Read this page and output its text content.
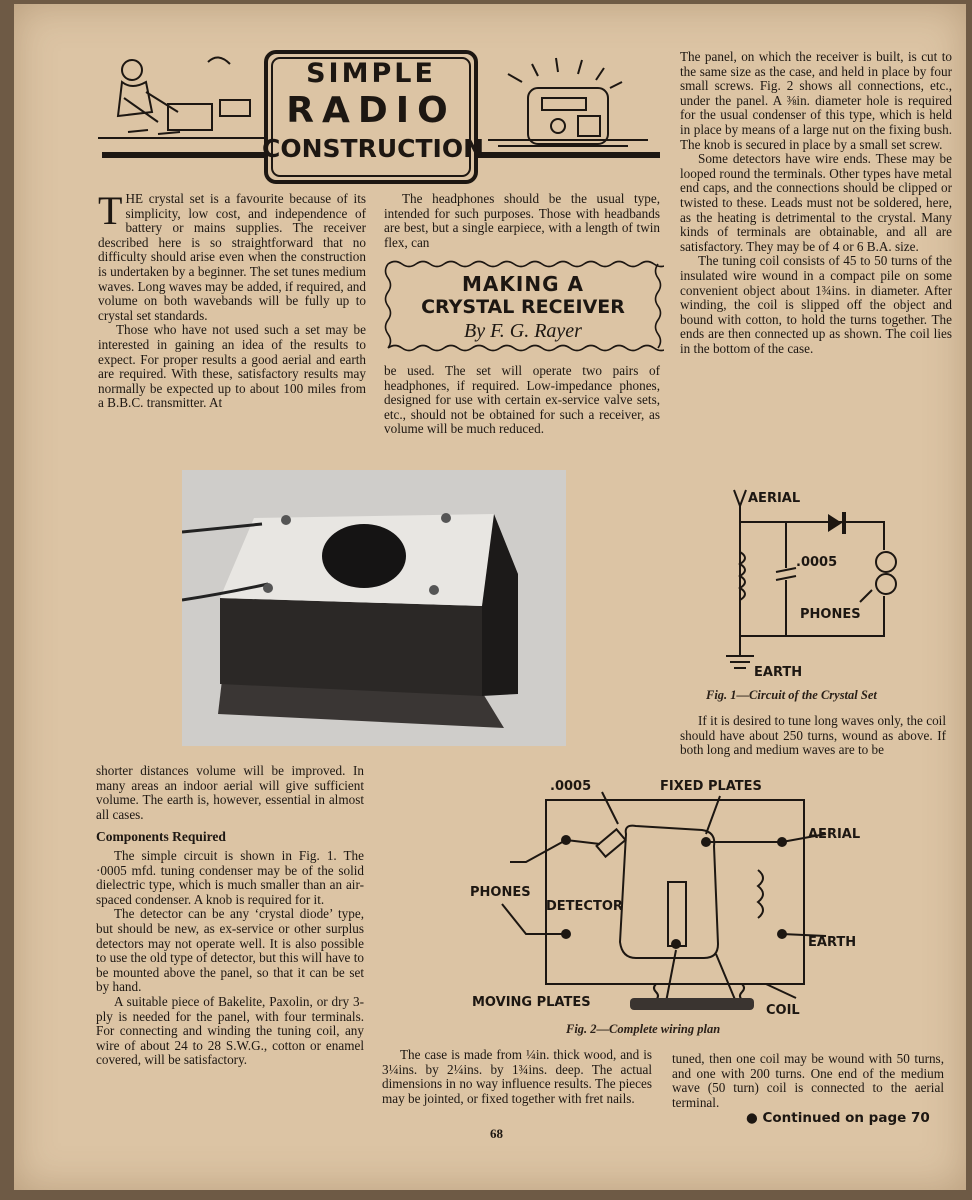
SIMPLE
RADIO
CONSTRUCTION

THE crystal set is a favourite because of its simplicity, low cost, and independence of battery or mains supplies. The receiver described here is so straightforward that no difficulty should arise even when the construction is undertaken by a beginner. The set tunes medium waves. Long waves may be added, if required, and volume on both wavebands will be fully up to crystal set standards.

Those who have not used such a set may be interested in gaining an idea of the results to expect. For proper results a good aerial and earth are required. With these, satisfactory results may normally be expected up to about 100 miles from a B.B.C. transmitter. At

The headphones should be the usual type, intended for such purposes. Those with headbands are best, but a single earpiece, with a length of twin flex, can

MAKING A
CRYSTAL RECEIVER
By F. G. Rayer

be used. The set will operate two pairs of headphones, if required. Low-impedance phones, designed for use with certain ex-service valve sets, etc., should not be obtained for such a receiver, as volume will be much reduced.

The panel, on which the receiver is built, is cut to the same size as the case, and held in place by four small screws. Fig. 2 shows all connections, etc., under the panel. A ⅜in. diameter hole is required for the usual condenser of this type, which is held in place by means of a large nut on the fixing bush. The knob is secured in place by a small set screw.

Some detectors have wire ends. These may be looped round the terminals. Other types have metal end caps, and the connections should be clipped or twisted to these. Leads must not be soldered, here, as the heating is detrimental to the crystal. Many kinds of terminals are obtainable, and all are satisfactory. They may be of 4 or 6 B.A. size.

The tuning coil consists of 45 to 50 turns of the insulated wire wound in a compact pile on some convenient object about 1¾ins. in diameter. After winding, the coil is slipped off the object and bound with cotton, to hold the turns together. The ends are then connected up as shown. The coil lies in the bottom of the case.

AERIAL
.0005
PHONES
EARTH
Fig. 1—Circuit of the Crystal Set

If it is desired to tune long waves only, the coil should have about 250 turns, wound as above. If both long and medium waves are to be

shorter distances volume will be improved. In many areas an indoor aerial will give sufficient volume. The earth is, however, essential in almost all cases.

Components Required

The simple circuit is shown in Fig. 1. The ·0005 mfd. tuning condenser may be of the solid dielectric type, which is much smaller than an air-spaced condenser. A knob is required for it.

The detector can be any ‘crystal diode’ type, but should be new, as ex-service or other surplus detectors may not operate well. It is also possible to use the old type of detector, but this will have to be mounted above the panel, so that it can be set by hand.

A suitable piece of Bakelite, Paxolin, or dry 3-ply is needed for the panel, with four terminals. For connecting and winding the tuning coil, any wire of about 24 to 28 S.W.G., cotton or enamel covered, will be satisfactory.

.0005	FIXED PLATES
AERIAL
PHONES
DETECTOR
EARTH
MOVING PLATES
COIL
Fig. 2—Complete wiring plan

The case is made from ¼in. thick wood, and is 3¼ins. by 2¼ins. by 1¾ins. deep. The actual dimensions in no way influence results. The pieces may be jointed, or fixed together with fret nails.

tuned, then one coil may be wound with 50 turns, and one with 200 turns. One end of the medium wave (50 turn) coil is connected to the aerial terminal.

68
● Continued on page 70
